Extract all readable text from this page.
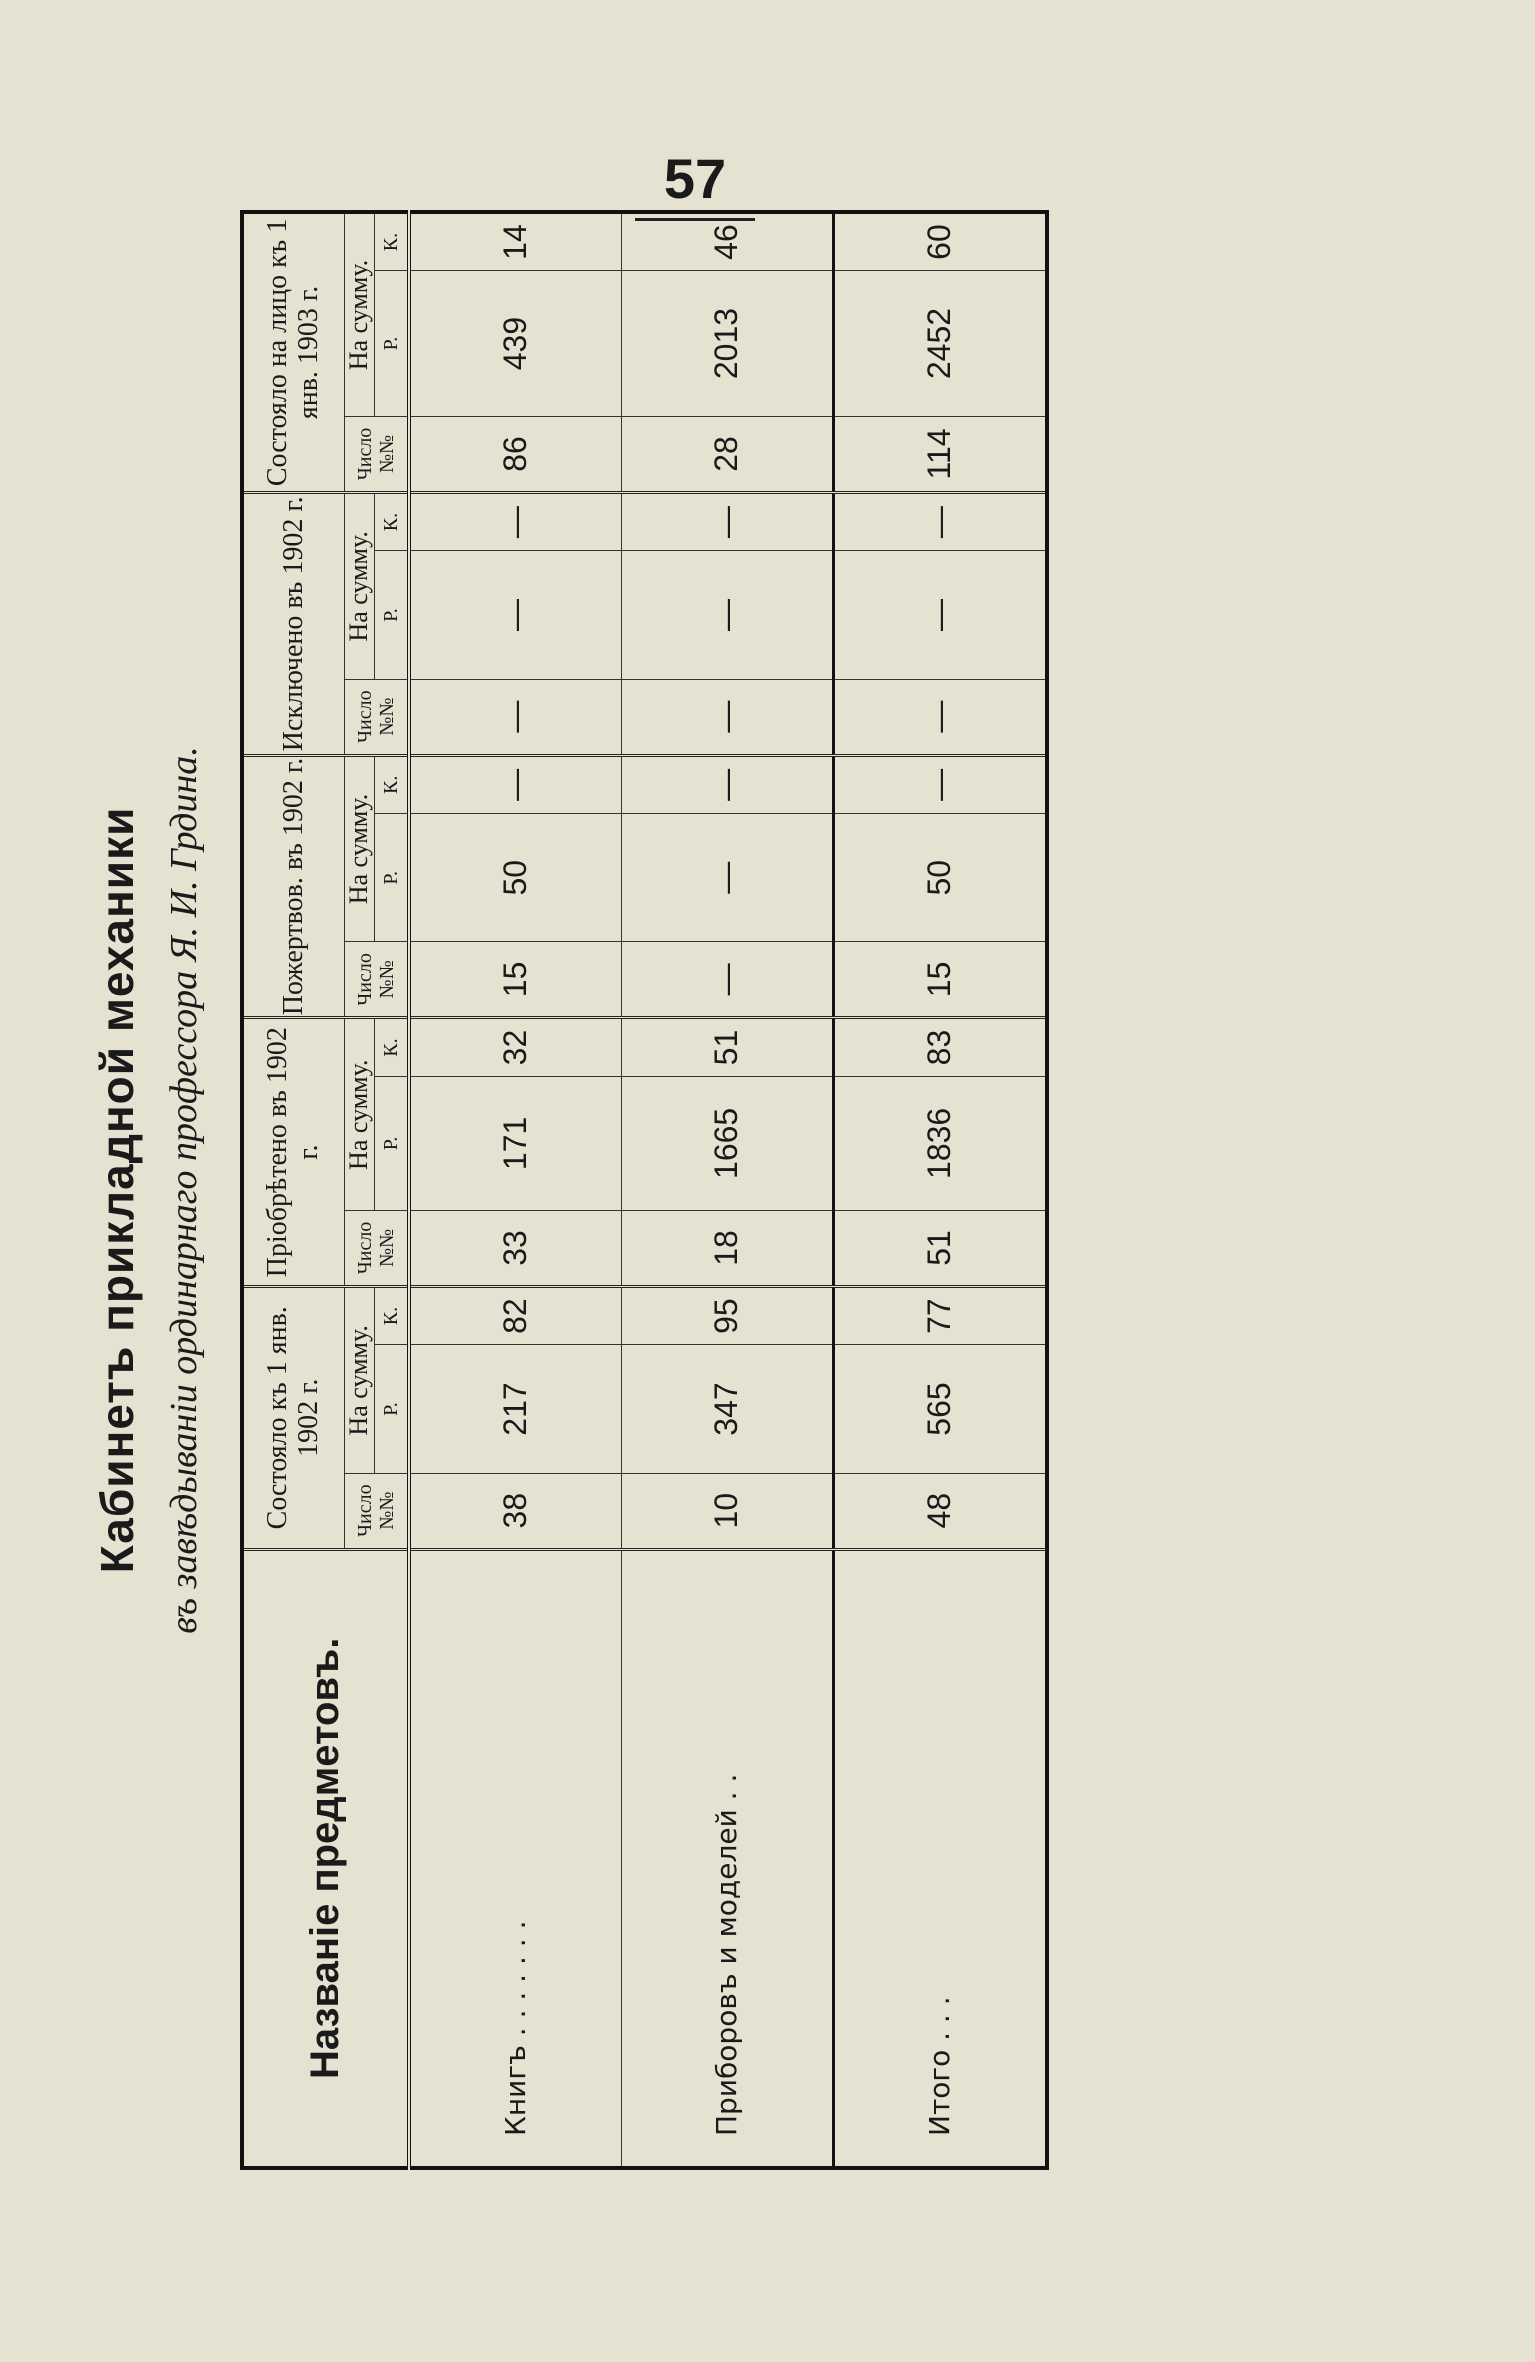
57
Кабинетъ прикладной механики въ завѣдываніи ординарнаго профессора Я. И. Грдина.
Названіе предметовъ.	Состояло къ 1 янв. 1902 г.			Пріобрѣтено въ 1902 г.			Пожертвов. въ 1902 г.			Исключено въ 1902 г.			Состояло на лицо къ 1 янв. 1903 г.		
	Число №№	На сумму.		Число №№	На сумму.		Число №№	На сумму.		Число №№	На сумму.		Число №№	На сумму.	
		Р.	К.		Р.	К.		Р.	К.		Р.	К.		Р.	К.
Книгъ . . . . . . .	38	217	82	33	171	32	15	50	—	—	—	—	86	439	14
Приборовъ и моделей . .	10	347	95	18	1665	51	—	—	—	—	—	—	28	2013	46
Итого . . .	48	565	77	51	1836	83	15	50	—	—	—	—	114	2452	60
